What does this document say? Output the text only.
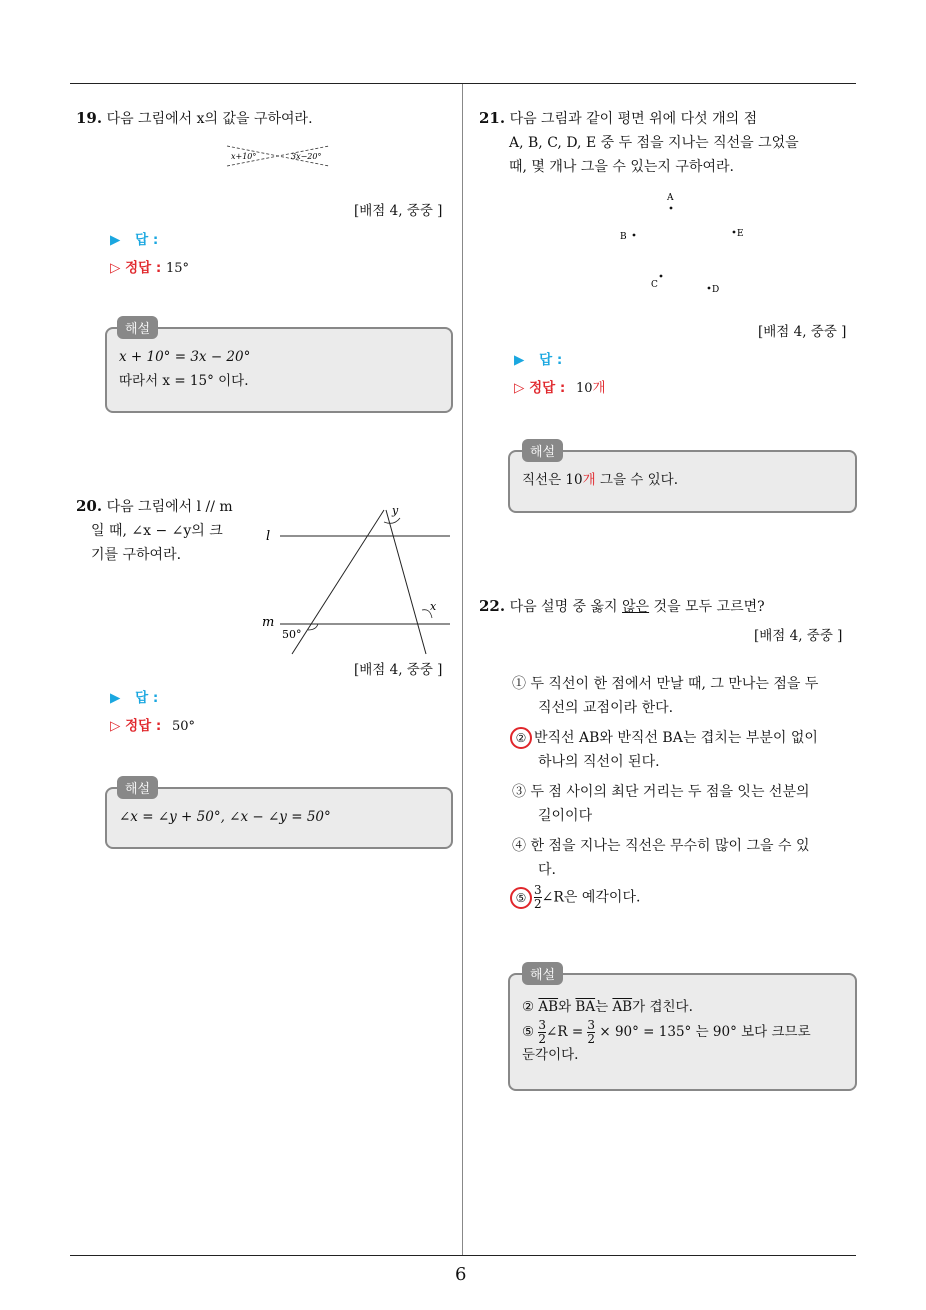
6
19. 다음 그림에서 x의 값을 구하여라.
x+10°	3x−20°
[배점 4, 중중 ]
▶ 답 :
▷ 정답 : 15°
x + 10° = 3x − 20°
따라서 x = 15° 이다.
해설
20. 다음 그림에서 l // m
일 때, ∠x − ∠y의 크
기를 구하여라.
l
m
y
x
50°
[배점 4, 중중 ]
▶ 답 :
▷ 정답 : 50°
∠x = ∠y + 50°, ∠x − ∠y = 50°
해설
21. 다음 그림과 같이 평면 위에 다섯 개의 점
A, B, C, D, E 중 두 점을 지나는 직선을 그었을
때, 몇 개나 그을 수 있는지 구하여라.
A
B	E
C	D
[배점 4, 중중 ]
▶ 답 :
▷ 정답 : 10개
직선은 10개 그을 수 있다.
해설
22. 다음 설명 중 옳지 않은 것을 모두 고르면?
[배점 4, 중중 ]
① 두 직선이 한 점에서 만날 때, 그 만나는 점을 두
직선의 교점이라 한다.
② 반직선 AB와 반직선 BA는 겹치는 부분이 없이
하나의 직선이 된다.
③ 두 점 사이의 최단 거리는 두 점을 잇는 선분의
길이이다
④ 한 점을 지나는 직선은 무수히 많이 그을 수 있
다.
⑤ $\frac{3}{2}$ ∠R은 예각이다.
② $\overline{AB}$와 $\overline{BA}$는 $\overline{AB}$가 겹친다.
⑤ $\frac{3}{2}$ ∠R = $\frac{3}{2} \times 90^\circ = 135^\circ$ 는 90° 보다 크므로
둔각이다.
해설
